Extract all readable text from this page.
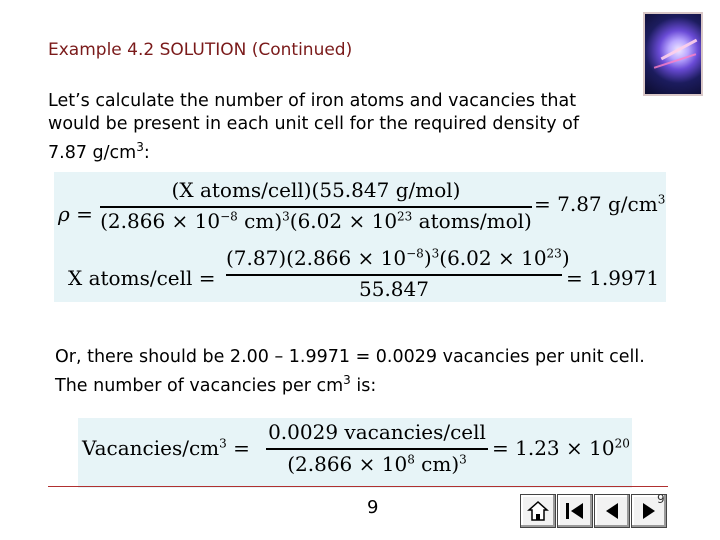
Example 4.2 SOLUTION (Continued)
Let’s calculate the number of iron atoms and vacancies that would be present in each unit cell for the required density of 7.87 $g/cm^3$:
ρ =
(X atoms/cell)(55.847 g/mol)
($2.866 \times 10^{-8}$ $cm)^3(6.02 \times 10^{23}$ atoms/mol)
= 7.87 $g/cm^3$
X atoms/cell =
$(7.87)(2.866 \times 10^{-8})^3(6.02 \times 10^{23})$
55.847	= 1.9971
Or, there should be 2.00 – 1.9971 = 0.0029 vacancies per unit cell. The number of vacancies per $cm^3$ is:
Vacancies/$cm^3$ =
0.0029 vacancies/cell
($2.866 \times 10^8$ cm)$^3$	= $1.23 \times 10^{20}$
9	9
